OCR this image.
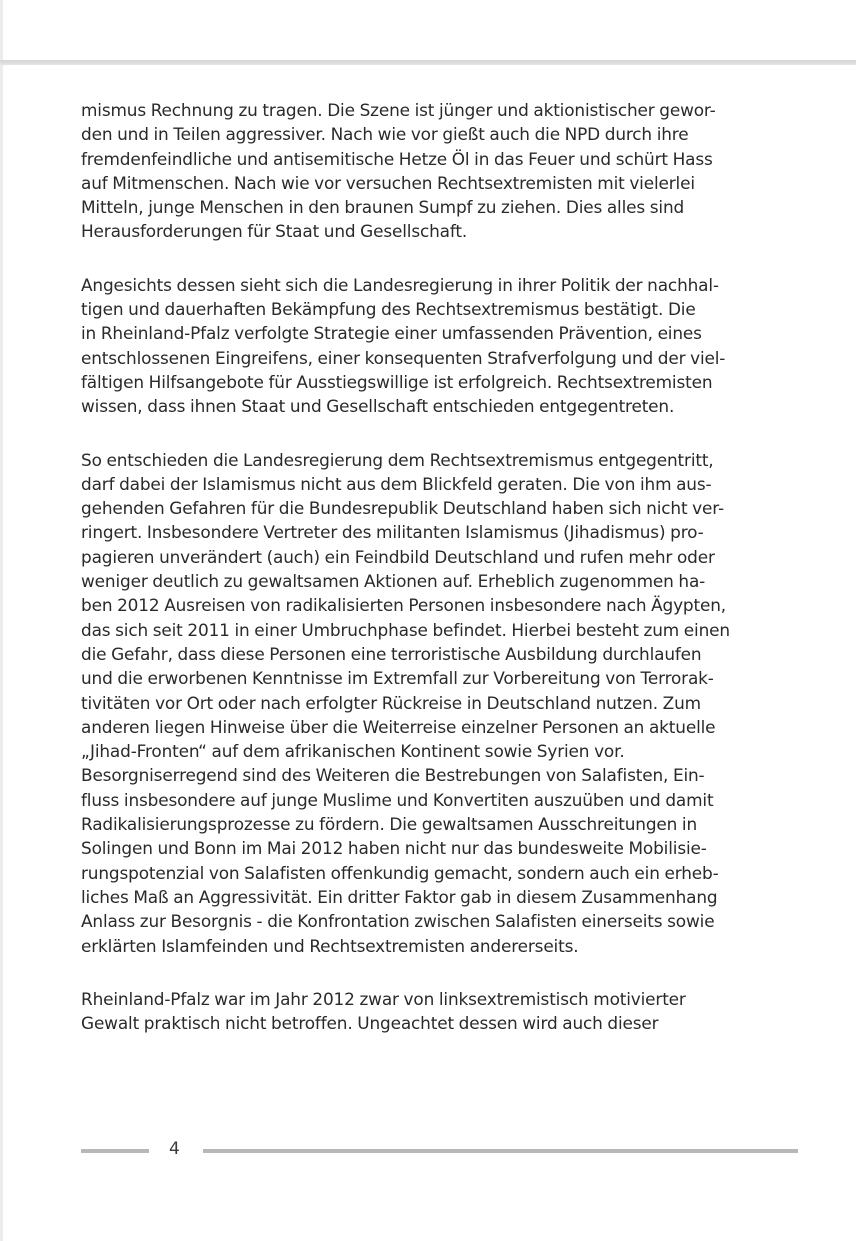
mismus Rechnung zu tragen. Die Szene ist jünger und aktionistischer gewor-
den und in Teilen aggressiver. Nach wie vor gießt auch die NPD durch ihre
fremdenfeindliche und antisemitische Hetze Öl in das Feuer und schürt Hass
auf Mitmenschen. Nach wie vor versuchen Rechtsextremisten mit vielerlei
Mitteln, junge Menschen in den braunen Sumpf zu ziehen. Dies alles sind
Herausforderungen für Staat und Gesellschaft.

Angesichts dessen sieht sich die Landesregierung in ihrer Politik der nachhal-
tigen und dauerhaften Bekämpfung des Rechtsextremismus bestätigt. Die
in Rheinland-Pfalz verfolgte Strategie einer umfassenden Prävention, eines
entschlossenen Eingreifens, einer konsequenten Strafverfolgung und der viel-
fältigen Hilfsangebote für Ausstiegswillige ist erfolgreich. Rechtsextremisten
wissen, dass ihnen Staat und Gesellschaft entschieden entgegentreten.

So entschieden die Landesregierung dem Rechtsextremismus entgegentritt,
darf dabei der Islamismus nicht aus dem Blickfeld geraten. Die von ihm aus-
gehenden Gefahren für die Bundesrepublik Deutschland haben sich nicht ver-
ringert. Insbesondere Vertreter des militanten Islamismus (Jihadismus) pro-
pagieren unverändert (auch) ein Feindbild Deutschland und rufen mehr oder
weniger deutlich zu gewaltsamen Aktionen auf. Erheblich zugenommen ha-
ben 2012 Ausreisen von radikalisierten Personen insbesondere nach Ägypten,
das sich seit 2011 in einer Umbruchphase befindet. Hierbei besteht zum einen
die Gefahr, dass diese Personen eine terroristische Ausbildung durchlaufen
und die erworbenen Kenntnisse im Extremfall zur Vorbereitung von Terrorak-
tivitäten vor Ort oder nach erfolgter Rückreise in Deutschland nutzen. Zum
anderen liegen Hinweise über die Weiterreise einzelner Personen an aktuelle
„Jihad-Fronten“ auf dem afrikanischen Kontinent sowie Syrien vor.
Besorgniserregend sind des Weiteren die Bestrebungen von Salafisten, Ein-
fluss insbesondere auf junge Muslime und Konvertiten auszuüben und damit
Radikalisierungsprozesse zu fördern. Die gewaltsamen Ausschreitungen in
Solingen und Bonn im Mai 2012 haben nicht nur das bundesweite Mobilisie-
rungspotenzial von Salafisten offenkundig gemacht, sondern auch ein erheb-
liches Maß an Aggressivität. Ein dritter Faktor gab in diesem Zusammenhang
Anlass zur Besorgnis - die Konfrontation zwischen Salafisten einerseits sowie
erklärten Islamfeinden und Rechtsextremisten andererseits.

Rheinland-Pfalz war im Jahr 2012 zwar von linksextremistisch motivierter
Gewalt praktisch nicht betroffen. Ungeachtet dessen wird auch dieser

4
